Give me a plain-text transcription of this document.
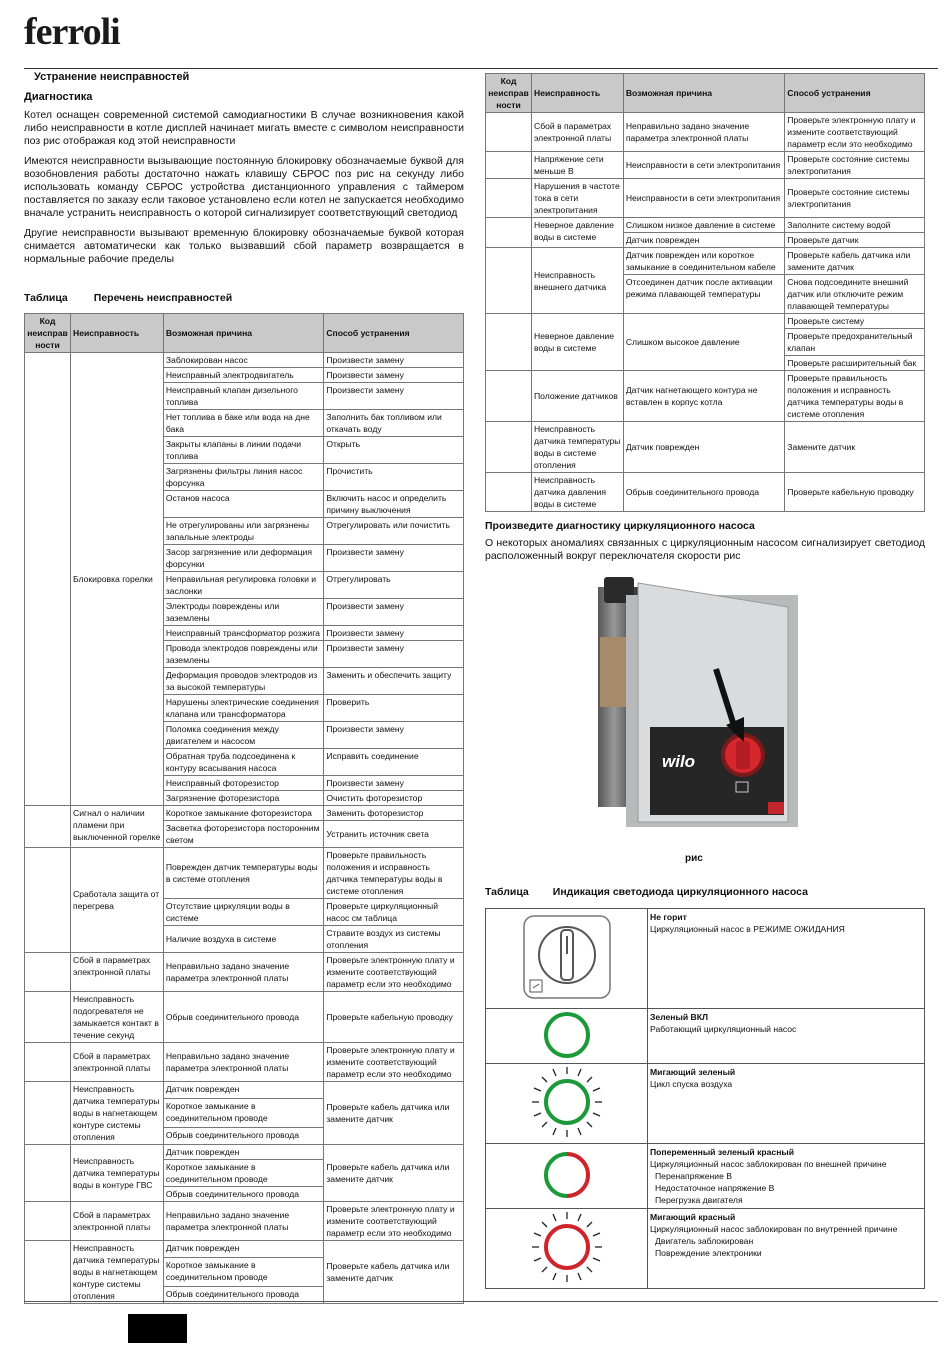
ferroli

Устранение неисправностей

Диагностика

Котел оснащен современной системой самодиагностики В случае возникновения какой либо неисправности в котле дисплей начинает мигать вместе с символом неисправности поз рис отображая код этой неисправности

Имеются неисправности вызывающие постоянную блокировку обозначаемые буквой для возобновления работы достаточно нажать клавишу СБРОС поз рис на секунду либо использовать команду СБРОС устройства дистанционного управления с таймером поставляется по заказу если таковое установлено если котел не запускается необходимо вначале устранить неисправность о которой сигнализирует соответствующий светодиод

Другие неисправности вызывают временную блокировку обозначаемые буквой которая снимается автоматически как только вызвавший сбой параметр возвращается в нормальные рабочие пределы

Таблица Перечень неисправностей

Код неисправ ности	Неисправность	Возможная причина	Способ устранения
	Блокировка горелки	Заблокирован насос	Произвести замену
		Неисправный электродвигатель	Произвести замену
		Неисправный клапан дизельного топлива	Произвести замену
		Нет топлива в баке или вода на дне бака	Заполнить бак топливом или откачать воду
		Закрыты клапаны в линии подачи топлива	Открыть
		Загрязнены фильтры линия насос форсунка	Прочистить
		Останов насоса	Включить насос и определить причину выключения
		Не отрегулированы или загрязнены запальные электроды	Отрегулировать или почистить
		Засор загрязнение или деформация форсунки	Произвести замену
		Неправильная регулировка головки и заслонки	Отрегулировать
		Электроды повреждены или заземлены	Произвести замену
		Неисправный трансформатор розжига	Произвести замену
		Провода электродов повреждены или заземлены	Произвести замену
		Деформация проводов электродов из за высокой температуры	Заменить и обеспечить защиту
		Нарушены электрические соединения клапана или трансформатора	Проверить
		Поломка соединения между двигателем и насосом	Произвести замену
		Обратная труба подсоединена к контуру всасывания насоса	Исправить соединение
		Неисправный фоторезистор	Произвести замену
		Загрязнение фоторезистора	Очистить фоторезистор
	Сигнал о наличии пламени при выключенной горелке	Короткое замыкание фоторезистора	Заменить фоторезистор
		Засветка фоторезистора посторонним светом	Устранить источник света
	Сработала защита от перегрева	Поврежден датчик температуры воды в системе отопления	Проверьте правильность положения и исправность датчика температуры воды в системе отопления
		Отсутствие циркуляции воды в системе	Проверьте циркуляционный насос см таблица
		Наличие воздуха в системе	Стравите воздух из системы отопления
	Сбой в параметрах электронной платы	Неправильно задано значение параметра электронной платы	Проверьте электронную плату и измените соответствующий параметр если это необходимо
	Неисправность подогревателя не замыкается контакт в течение секунд	Обрыв соединительного провода	Проверьте кабельную проводку
	Сбой в параметрах электронной платы	Неправильно задано значение параметра электронной платы	Проверьте электронную плату и измените соответствующий параметр если это необходимо
	Неисправность датчика температуры воды в нагнетающем контуре системы отопления	Датчик поврежден	Проверьте кабель датчика или замените датчик
		Короткое замыкание в соединительном проводе	
		Обрыв соединительного провода	
	Неисправность датчика температуры воды в контуре ГВС	Датчик поврежден	Проверьте кабель датчика или замените датчик
		Короткое замыкание в соединительном проводе	
		Обрыв соединительного провода	
	Сбой в параметрах электронной платы	Неправильно задано значение параметра электронной платы	Проверьте электронную плату и измените соответствующий параметр если это необходимо
	Неисправность датчика температуры воды в нагнетающем контуре системы отопления	Датчик поврежден	Проверьте кабель датчика или замените датчик
		Короткое замыкание в соединительном проводе	
		Обрыв соединительного провода	
Код неисправ ности	Неисправность	Возможная причина	Способ устранения
	Сбой в параметрах электронной платы	Неправильно задано значение параметра электронной платы	Проверьте электронную плату и измените соответствующий параметр если это необходимо
	Напряжение сети меньше В	Неисправности в сети электропитания	Проверьте состояние системы электропитания
	Нарушения в частоте тока в сети электропитания	Неисправности в сети электропитания	Проверьте состояние системы электропитания
	Неверное давление воды в системе	Слишком низкое давление в системе	Заполните систему водой
		Датчик поврежден	Проверьте датчик
	Неисправность внешнего датчика	Датчик поврежден или короткое замыкание в соединительном кабеле	Проверьте кабель датчика или замените датчик
		Отсоединен датчик после активации режима плавающей температуры	Снова подсоедините внешний датчик или отключите режим плавающей температуры
	Неверное давление воды в системе	Слишком высокое давление	Проверьте систему
			Проверьте предохранительный клапан
			Проверьте расширительный бак
	Положение датчиков	Датчик нагнетающего контура не вставлен в корпус котла	Проверьте правильность положения и исправность датчика температуры воды в системе отопления
	Неисправность датчика температуры воды в системе отопления	Датчик поврежден	Замените датчик
	Неисправность датчика давления воды в системе	Обрыв соединительного провода	Проверьте кабельную проводку

Произведите диагностику циркуляционного насоса

О некоторых аномалиях связанных с циркуляционным насосом сигнализирует светодиод расположенный вокруг переключателя скорости рис

wilo

рис

Таблица Индикация светодиода циркуляционного насоса

Не горит
Циркуляционный насос в РЕЖИМЕ ОЖИДАНИЯ

Зеленый ВКЛ
Работающий циркуляционный насос

Мигающий зеленый
Цикл спуска воздуха

Попеременный зеленый красный
Циркуляционный насос заблокирован по внешней причине
Перенапряжение В
Недостаточное напряжение В
Перегрузка двигателя

Мигающий красный
Циркуляционный насос заблокирован по внутренней причине
Двигатель заблокирован
Повреждение электроники
